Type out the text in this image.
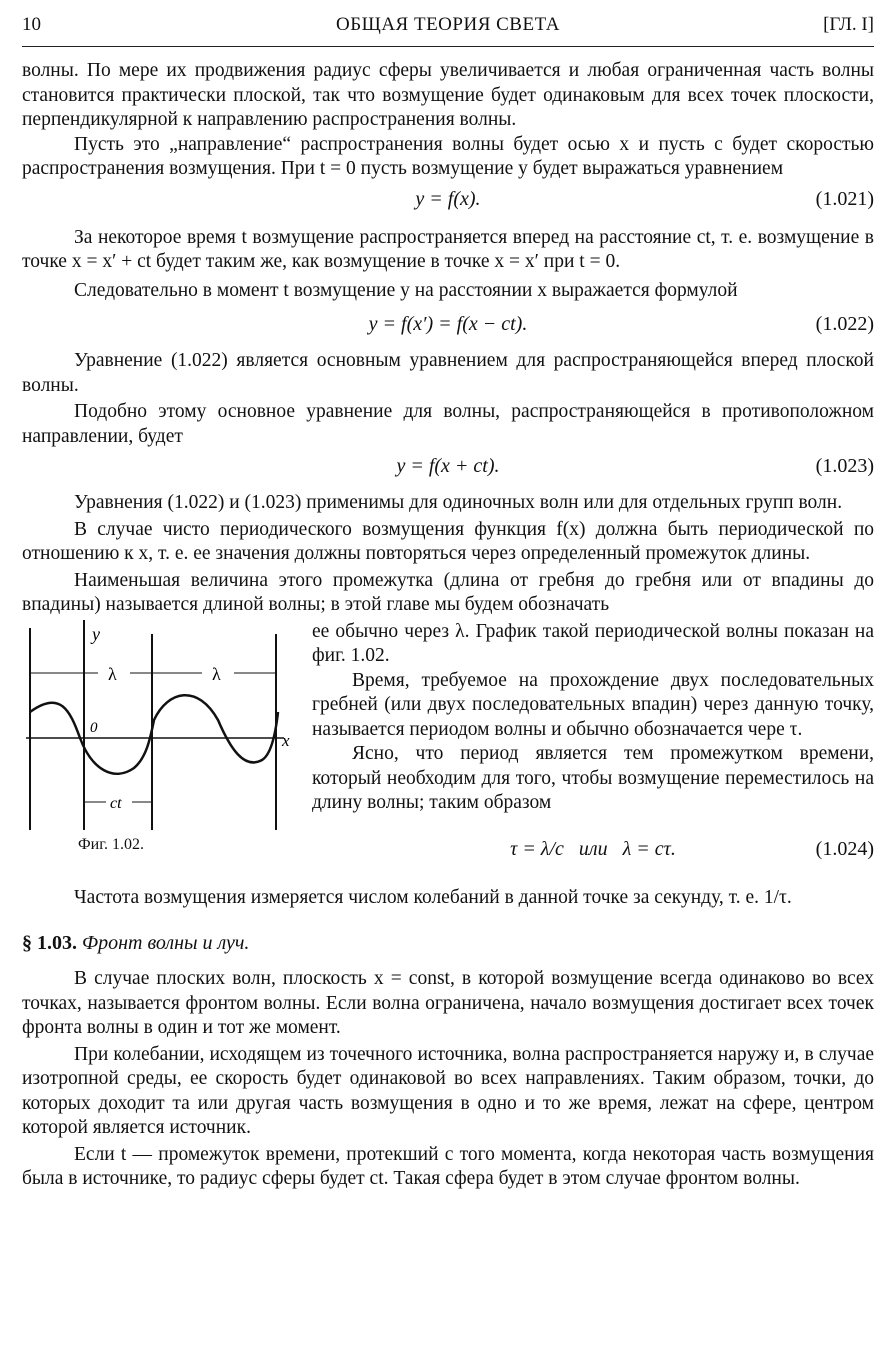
10	ОБЩАЯ ТЕОРИЯ СВЕТА	[ГЛ. I]

волны. По мере их продвижения радиус сферы увеличивается и любая ограниченная часть волны становится практически плоской, так что возмущение будет одинаковым для всех точек плоскости, перпендикулярной к направлению распространения волны.

Пусть это „направление“ распространения волны будет осью x и пусть c будет скоростью распространения возмущения. При t = 0 пусть возмущение y будет выражаться уравнением

y = f(x).	(1.021)

За некоторое время t возмущение распространяется вперед на расстояние ct, т. е. возмущение в точке x = x′ + ct будет таким же, как возмущение в точке x = x′ при t = 0.

Следовательно в момент t возмущение y на расстоянии x выражается формулой

y = f(x′) = f(x − ct).	(1.022)

Уравнение (1.022) является основным уравнением для распространяющейся вперед плоской волны.

Подобно этому основное уравнение для волны, распространяющейся в противоположном направлении, будет

y = f(x + ct).	(1.023)

Уравнения (1.022) и (1.023) применимы для одиночных волн или для отдельных групп волн.

В случае чисто периодического возмущения функция f(x) должна быть периодической по отношению к x, т. е. ее значения должны повторяться через определенный промежуток длины.

Наименьшая величина этого промежутка (длина от гребня до гребня или от впадины до впадины) называется длиной волны; в этой главе мы будем обозначать

y
λ	λ
0
x
ct
Фиг. 1.02.

ее обычно через λ. График такой периодической волны показан на фиг. 1.02.

Время, требуемое на прохождение двух последовательных гребней (или двух последовательных впадин) через данную точку, называется периодом волны и обычно обозначается чере τ.

Ясно, что период является тем промежутком времени, который необходим для того, чтобы возмущение переместилось на длину волны; таким образом

τ = λ/c   или   λ = cτ.	(1.024)

Частота возмущения измеряется числом колебаний в данной точке за секунду, т. е. 1/τ.

§ 1.03. Фронт волны и луч.

В случае плоских волн, плоскость x = const, в которой возмущение всегда одинаково во всех точках, называется фронтом волны. Если волна ограничена, начало возмущения достигает всех точек фронта волны в один и тот же момент.

При колебании, исходящем из точечного источника, волна распространяется наружу и, в случае изотропной среды, ее скорость будет одинаковой во всех направлениях. Таким образом, точки, до которых доходит та или другая часть возмущения в одно и то же время, лежат на сфере, центром которой является источник.

Если t — промежуток времени, протекший с того момента, когда некоторая часть возмущения была в источнике, то радиус сферы будет ct. Такая сфера будет в этом случае фронтом волны.
